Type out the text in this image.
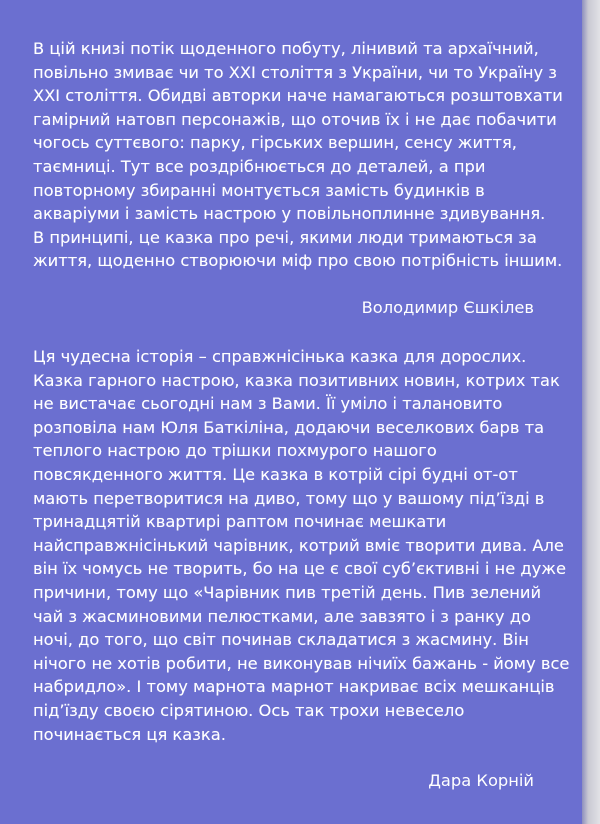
В цій книзі потік щоденного побуту, лінивий та архаїчний,
повільно змиває чи то ХХІ століття з України, чи то Україну з
ХХІ століття. Обидві авторки наче намагаються розштовхати
гамірний натовп персонажів, що оточив їх і не дає побачити
чогось суттєвого: парку, гірських вершин, сенсу життя,
таємниці. Тут все роздрібнюється до деталей, а при
повторному збиранні монтується замість будинків в
акваріуми і замість настрою у повільноплинне здивування.
В принципі, це казка про речі, якими люди тримаються за
життя, щоденно створюючи міф про свою потрібність іншим.
Володимир Єшкілев
Ця чудесна історія – справжнісінька казка для дорослих.
Казка гарного настрою, казка позитивних новин, котрих так
не вистачає сьогодні нам з Вами. Її уміло і талановито
розповіла нам Юля Баткіліна, додаючи веселкових барв та
теплого настрою до трішки похмурого нашого
повсякденного життя. Це казка в котрій сірі будні от-от
мають перетворитися на диво, тому що у вашому під’їзді в
тринадцятій квартирі раптом починає мешкати
найсправжнісінький чарівник, котрий вміє творити дива. Але
він їх чомусь не творить, бо на це є свої суб’єктивні і не дуже
причини, тому що «Чарівник пив третій день. Пив зелений
чай з жасминовими пелюстками, але завзято і з ранку до
ночі, до того, що світ починав складатися з жасмину. Він
нічого не хотів робити, не виконував нічиїх бажань - йому все
набридло». І тому марнота марнот накриває всіх мешканців
під’їзду своєю сірятиною. Ось так трохи невесело
починається ця казка.
Дара Корній
